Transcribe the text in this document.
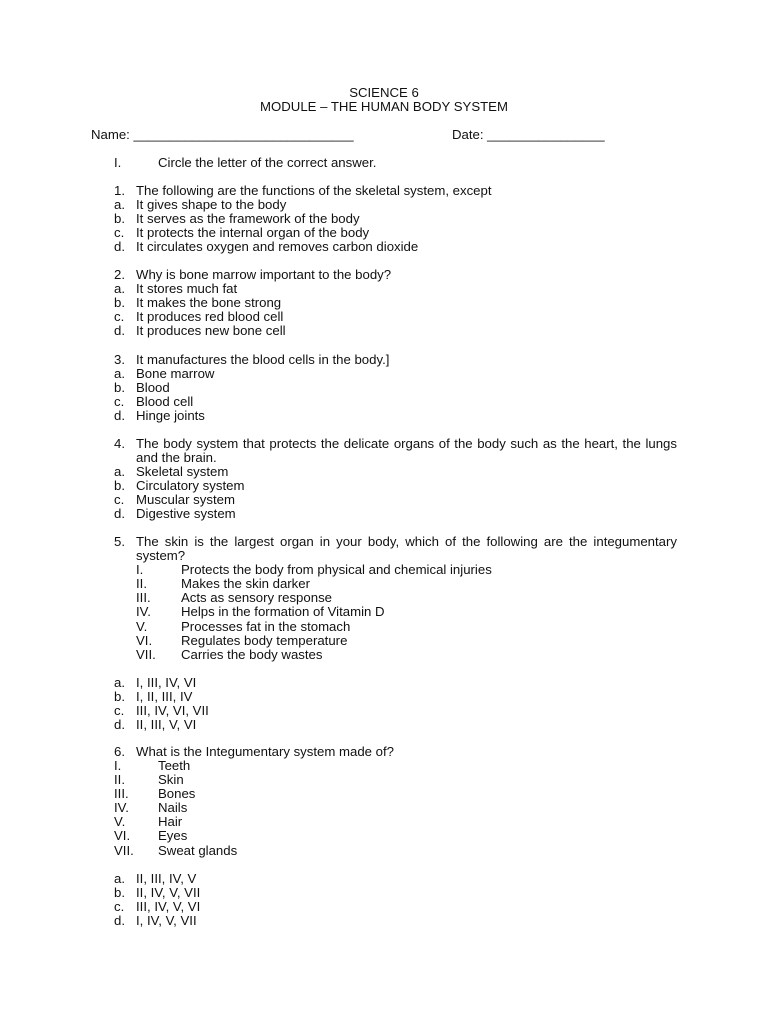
SCIENCE 6
MODULE – THE HUMAN BODY SYSTEM
Name: ______________________________	Date: ________________
I.	Circle the letter of the correct answer.
1. The following are the functions of the skeletal system, except
a. It gives shape to the body
b. It serves as the framework of the body
c. It protects the internal organ of the body
d. It circulates oxygen and removes carbon dioxide
2. Why is bone marrow important to the body?
a. It stores much fat
b. It makes the bone strong
c. It produces red blood cell
d. It produces new bone cell
3. It manufactures the blood cells in the body.]
a. Bone marrow
b. Blood
c. Blood cell
d. Hinge joints
4. The body system that protects the delicate organs of the body such as the heart, the lungs and the brain.
a. Skeletal system
b. Circulatory system
c. Muscular system
d. Digestive system
5. The skin is the largest organ in your body, which of the following are the integumentary system?
I.	Protects the body from physical and chemical injuries
II.	Makes the skin darker
III. Acts as sensory response
IV. Helps in the formation of Vitamin D
V.	Processes fat in the stomach
VI. Regulates body temperature
VII. Carries the body wastes
a. I, III, IV, VI
b. I, II, III, IV
c. III, IV, VI, VII
d. II, III, V, VI
6. What is the Integumentary system made of?
I.	Teeth
II.	Skin
III. Bones
IV. Nails
V. Hair
VI. Eyes
VII. Sweat glands
a. II, III, IV, V
b. II, IV, V, VII
c. III, IV, V, VI
d. I, IV, V, VII
